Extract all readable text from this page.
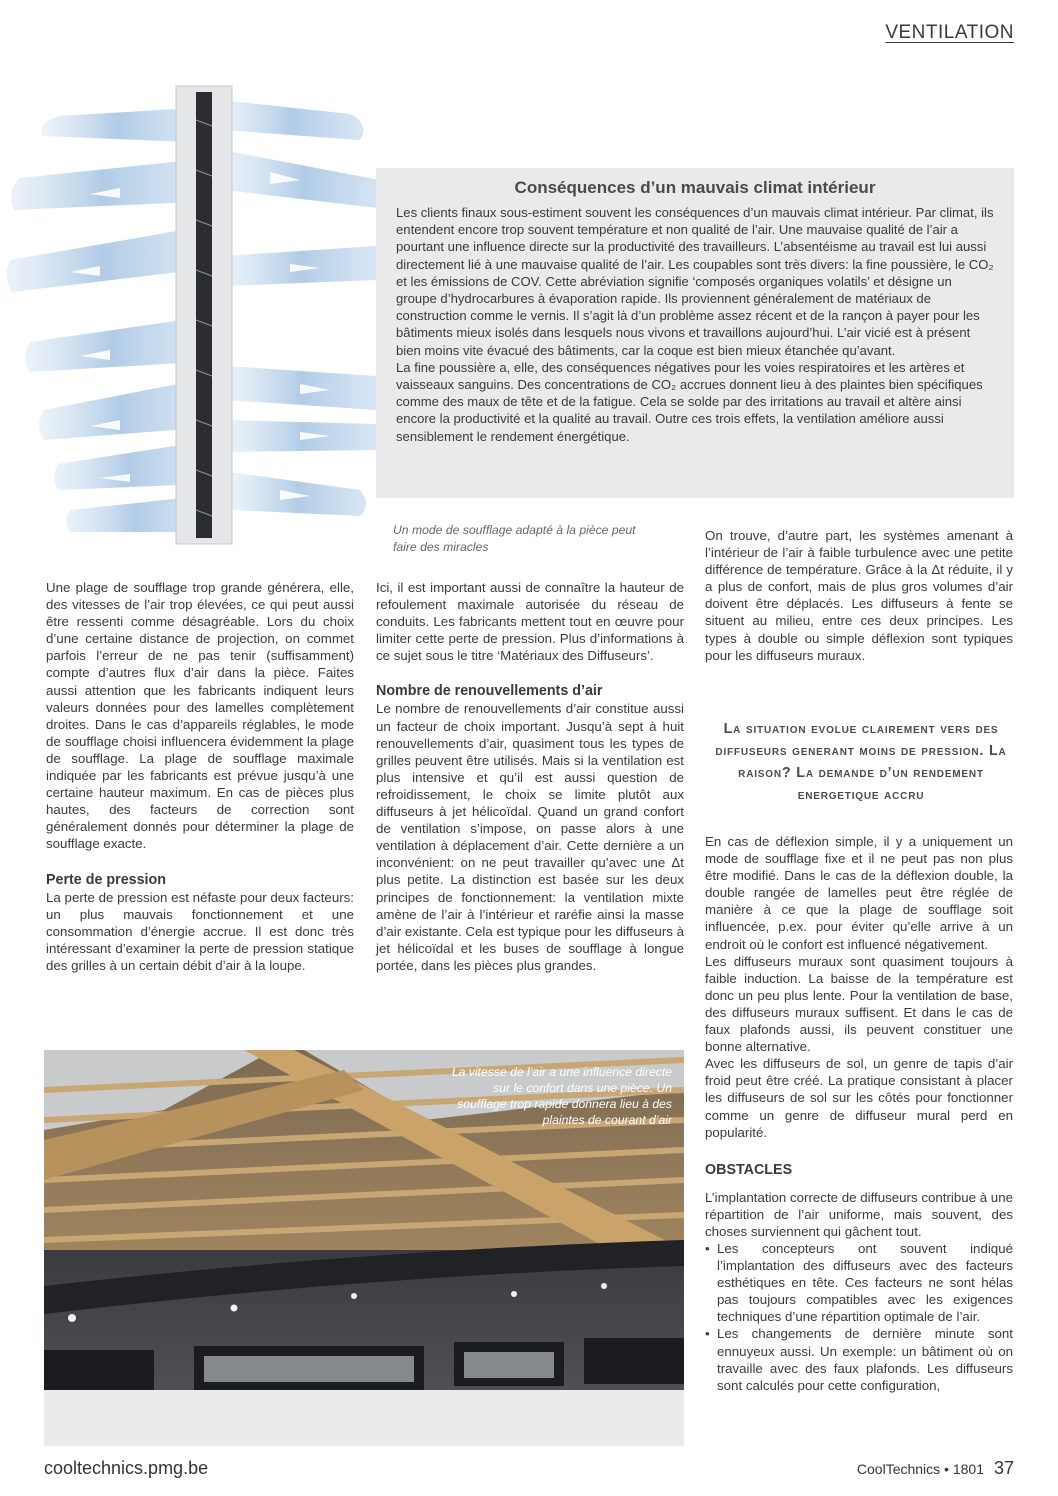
VENTILATION
Conséquences d’un mauvais climat intérieur

Les clients finaux sous-estiment souvent les conséquences d’un mauvais climat intérieur. Par climat, ils entendent encore trop souvent température et non qualité de l’air. Une mauvaise qualité de l’air a pourtant une influence directe sur la productivité des travailleurs. L’absentéisme au travail est lui aussi directement lié à une mauvaise qualité de l’air. Les coupables sont très divers: la fine poussière, le CO₂ et les émissions de COV. Cette abréviation signifie ‘composés organiques volatils’ et désigne un groupe d’hydrocarbures à évaporation rapide. Ils proviennent généralement de matériaux de construction comme le vernis. Il s’agit là d’un problème assez récent et de la rançon à payer pour les bâtiments mieux isolés dans lesquels nous vivons et travaillons aujourd’hui. L’air vicié est à présent bien moins vite évacué des bâtiments, car la coque est bien mieux étanchée qu’avant.

La fine poussière a, elle, des conséquences négatives pour les voies respiratoires et les artères et vaisseaux sanguins. Des concentrations de CO₂ accrues donnent lieu à des plaintes bien spécifiques comme des maux de tête et de la fatigue. Cela se solde par des irritations au travail et altère ainsi encore la productivité et la qualité au travail. Outre ces trois effets, la ventilation améliore aussi sensiblement le rendement énergétique.

Un mode de soufflage adapté à la pièce peut faire des miracles

Une plage de soufflage trop grande générera, elle, des vitesses de l’air trop élevées, ce qui peut aussi être ressenti comme désagréable. Lors du choix d’une certaine distance de projection, on commet parfois l’erreur de ne pas tenir (suffisamment) compte d’autres flux d’air dans la pièce. Faites aussi attention que les fabricants indiquent leurs valeurs données pour des lamelles complètement droites. Dans le cas d’appareils réglables, le mode de soufflage choisi influencera évidemment la plage de soufflage. La plage de soufflage maximale indiquée par les fabricants est prévue jusqu’à une certaine hauteur maximum. En cas de pièces plus hautes, des facteurs de correction sont généralement donnés pour déterminer la plage de soufflage exacte.

Perte de pression

La perte de pression est néfaste pour deux facteurs: un plus mauvais fonctionnement et une consommation d’énergie accrue. Il est donc très intéressant d’examiner la perte de pression statique des grilles à un certain débit d’air à la loupe.

Ici, il est important aussi de connaître la hauteur de refoulement maximale autorisée du réseau de conduits. Les fabricants mettent tout en œuvre pour limiter cette perte de pression. Plus d’informations à ce sujet sous le titre ‘Matériaux des Diffuseurs’.

Nombre de renouvellements d’air

Le nombre de renouvellements d’air constitue aussi un facteur de choix important. Jusqu’à sept à huit renouvellements d’air, quasiment tous les types de grilles peuvent être utilisés. Mais si la ventilation est plus intensive et qu’il est aussi question de refroidissement, le choix se limite plutôt aux diffuseurs à jet hélicoïdal. Quand un grand confort de ventilation s’impose, on passe alors à une ventilation à déplacement d’air. Cette dernière a un inconvénient: on ne peut travailler qu’avec une Δt plus petite. La distinction est basée sur les deux principes de fonctionnement: la ventilation mixte amène de l’air à l’intérieur et raréfie ainsi la masse d’air existante. Cela est typique pour les diffuseurs à jet hélicoïdal et les buses de soufflage à longue portée, dans les pièces plus grandes.

On trouve, d’autre part, les systèmes amenant à l’intérieur de l’air à faible turbulence avec une petite différence de température. Grâce à la Δt réduite, il y a plus de confort, mais de plus gros volumes d’air doivent être déplacés. Les diffuseurs à fente se situent au milieu, entre ces deux principes. Les types à double ou simple déflexion sont typiques pour les diffuseurs muraux.

La situation evolue clairement vers des diffuseurs generant moins de pression. La raison? La demande d’un rendement energetique accru

En cas de déflexion simple, il y a uniquement un mode de soufflage fixe et il ne peut pas non plus être modifié. Dans le cas de la déflexion double, la double rangée de lamelles peut être réglée de manière à ce que la plage de soufflage soit influencée, p.ex. pour éviter qu’elle arrive à un endroit où le confort est influencé négativement.

Les diffuseurs muraux sont quasiment toujours à faible induction. La baisse de la température est donc un peu plus lente. Pour la ventilation de base, des diffuseurs muraux suffisent. Et dans le cas de faux plafonds aussi, ils peuvent constituer une bonne alternative.

Avec les diffuseurs de sol, un genre de tapis d’air froid peut être créé. La pratique consistant à placer les diffuseurs de sol sur les côtés pour fonctionner comme un genre de diffuseur mural perd en popularité.

OBSTACLES

L’implantation correcte de diffuseurs contribue à une répartition de l’air uniforme, mais souvent, des choses surviennent qui gâchent tout.

• Les concepteurs ont souvent indiqué l’implantation des diffuseurs avec des facteurs esthétiques en tête. Ces facteurs ne sont hélas pas toujours compatibles avec les exigences techniques d’une répartition optimale de l’air.
• Les changements de dernière minute sont ennuyeux aussi. Un exemple: un bâtiment où on travaille avec des faux plafonds. Les diffuseurs sont calculés pour cette configuration,
La vitesse de l’air a une influence directe sur le confort dans une pièce. Un soufflage trop rapide donnera lieu à des plaintes de courant d’air
cooltechnics.pmg.be	CoolTechnics • 1801 37
